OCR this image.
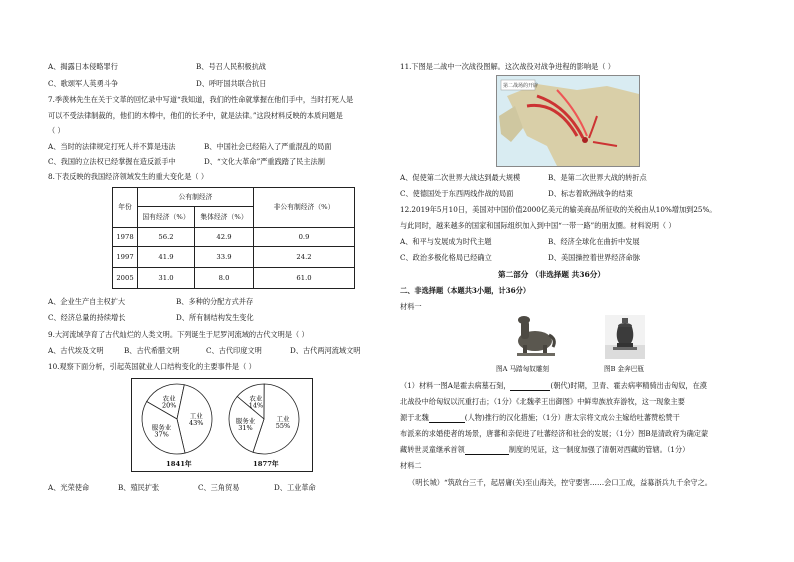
A、揭露日本侵略罪行	B、号召人民积极抗战
C、歌颂军人英勇斗争	D、呼吁国共联合抗日
7.季羡林先生在关于文革的回忆录中写道“我知道，我们的性命就掌握在他们手中，当时打死人是
可以不受法律制裁的，他们的木棒中，他们的长矛中，就是法律。”这段材料反映的本质问题是
（ ）
A、当时的法律规定打死人并不算是违法	B、中国社会已经陷入了严重混乱的局面
C、我国的立法权已经掌握在造反派手中	D、“文化大革命”严重践踏了民主法制
8.下表反映的我国经济领域发生的重大变化是（ ）
年份	公有制经济		非公有制经济（%）
	国有经济（%）	集体经济（%）	
1978	56.2	42.9	0.9
1997	41.9	33.9	24.2
2005	31.0	8.0	61.0
A、企业生产自主权扩大	B、多种的分配方式并存
C、经济总量的持续增长	D、所有制结构发生变化
9.大河流域孕育了古代灿烂的人类文明。下列诞生于尼罗河流域的古代文明是（ ）
A、古代埃及文明	B、古代希腊文明	C、古代印度文明	D、古代两河流域文明
10.观察下面分析，引起英国就业人口结构变化的主要事件是（ ）
农业
20%
工业
43%
服务业
37%
农业
14%
工业
55%
服务业
31%
1841年	1877年
A、光荣使命	B、殖民扩张	C、三角贸易	D、工业革命
11.下图是二战中一次战役图解。这次战役对战争进程的影响是（ ）
第二战场的开辟
A、促使第二次世界大战达到最大规模	B、是第二次世界大战的转折点
C、使德国处于东西两线作战的局面	D、标志着欧洲战争的结束
12.2019年5月10日，美国对中国价值2000亿美元的输美商品所征收的关税由从10%增加到25%。
与此同时，越来越多的国家和国际组织加入到中国“一带一路”的朋友圈。材料说明（ ）
A、和平与发展成为时代主题	B、经济全球化在曲折中发展
C、政治多极化格局已经确立	D、美国操控着世界经济命脉
第二部分 （非选择题 共36分）
二、非选择题（本题共3小题，计36分）
材料一
图A 马踏匈奴雕刻	图B 金奔巴瓶
（1）材料一图A是霍去病墓石刻，	(朝代)时期，卫青、霍去病率精骑出击匈奴，在漠
北战役中给匈奴以沉重打击；（1分）《北魏孝王出御图》中鲜卑族放弃游牧，这一现象主要
源于北魏	(人物)推行的汉化措施；（1分）唐太宗将文成公主嫁给吐蕃赞松赞干
布派来的求婚使者的场景，唐蕃和亲促进了吐蕃经济和社会的发展；（1分）图B是清政府为确定蒙
藏转世灵童继承首领	制度的见证，这一制度加强了清朝对西藏的管辖。（1分）
材料二
（明长城）“筑敌台三千，起居庸(关)至山海关，控守要害……会口工成，益募浙兵九千余守之。
